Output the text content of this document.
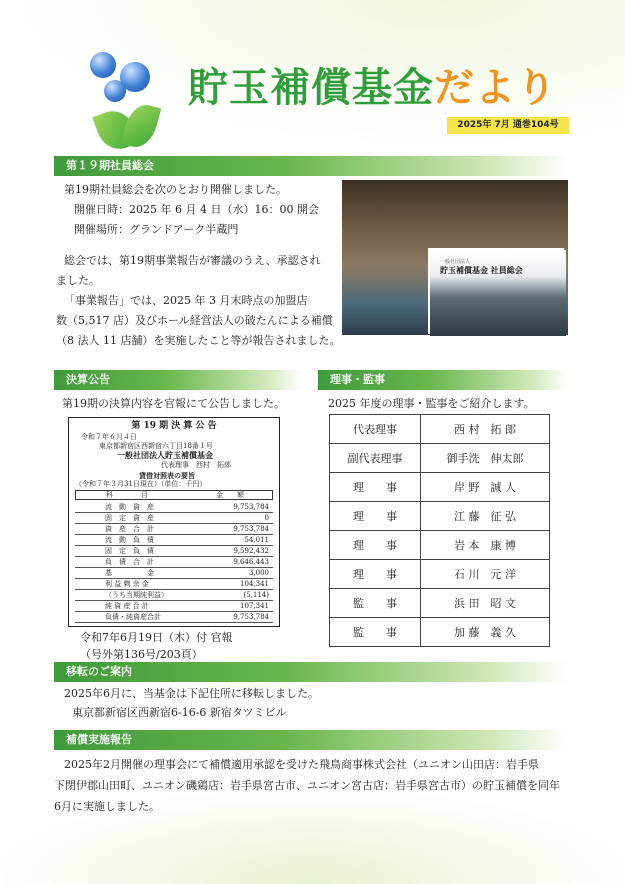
貯玉補償基金だより
2025年 7月 通巻104号
第１９期社員総会
第19期社員総会を次のとおり開催しました。
開催日時：2025 年 6 月 4 日（水）16：00 開会
開催場所：グランドアーク半蔵門
総会では、第19期事業報告が審議のうえ、承認され
ました。
「事業報告」では、2025 年 3 月末時点の加盟店
数（5,517 店）及びホール経営法人の破たんによる補償
（8 法人 11 店舗）を実施したこと等が報告されました。
一般社団法人
貯玉補償基金 社員総会
決算公告
第19期の決算内容を官報にて公告しました。
第 19 期 決 算 公 告
令和７年６月４日
東京都新宿区西新宿六丁目18番１号
一般社団法人貯玉補償基金
代表理事　西村　拓郎
貸借対照表の要旨
（令和７年３月31日現在）（単位：千円）
科　　　　目	金　　額
流　動　資　産	9,753,784
固　定　資　産	0
資　産　合　計	9,753,784
流　動　負　債	54,011
固　定　負　債	9,592,432
負　債　合　計	9,646,443
基　　　　　金	3,000
利 益 剰 余 金	104,341
（うち当期純利益）	(5,114)
純 資 産 合 計	107,341
負債・純資産合計	9,753,784
令和7年6月19日（木）付 官報
（号外第136号/203頁）
理事・監事
2025 年度の理事・監事をご紹介します。
代表理事	西 村　拓 郎
副代表理事	御手洗　伸太郎
理　　事	岸 野　誠 人
理　　事	江 藤　征 弘
理　　事	岩 本　康 博
理　　事	石 川　元 洋
監　　事	浜 田　昭 文
監　　事	加 藤　義 久
移転のご案内
2025年6月に、当基金は下記住所に移転しました。
東京都新宿区西新宿6-16-6 新宿タツミビル
補償実施報告
2025年2月開催の理事会にて補償適用承認を受けた飛鳥商事株式会社（ユニオン山田店：岩手県
下閉伊郡山田町、ユニオン磯鶏店：岩手県宮古市、ユニオン宮古店：岩手県宮古市）の貯玉補償を同年
6月に実施しました。
